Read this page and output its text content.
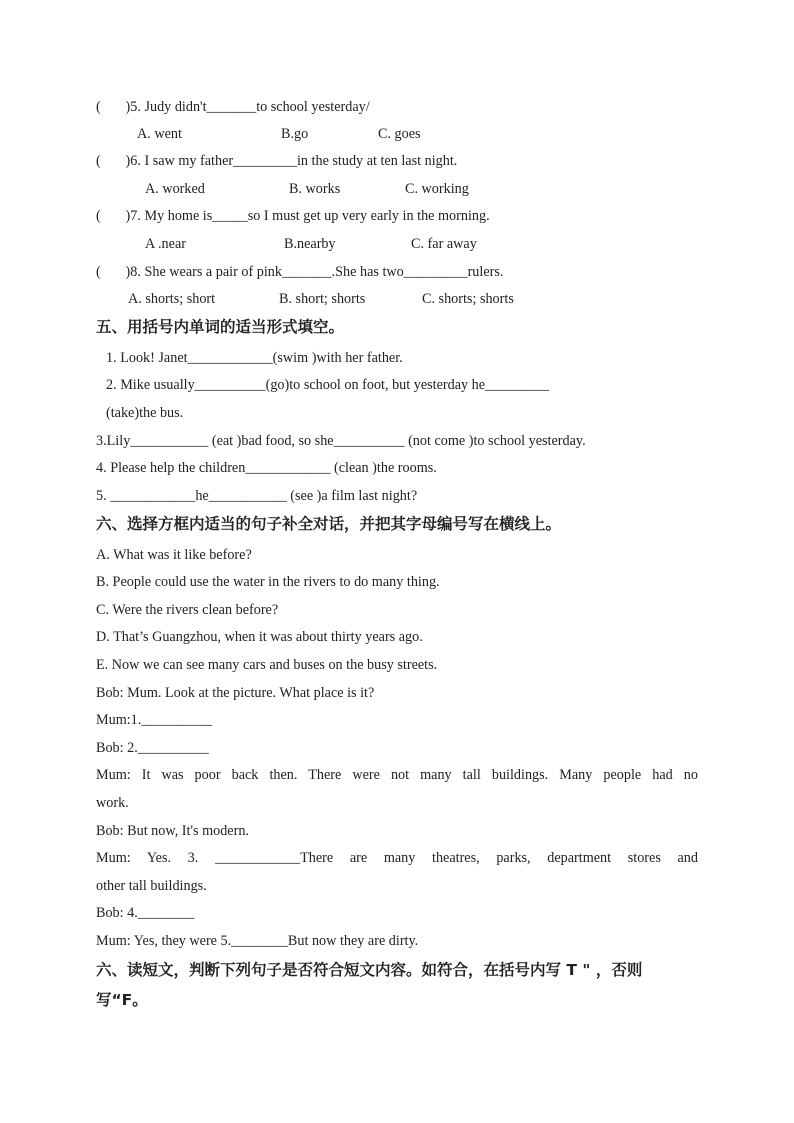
(       )5. Judy didn't_______to school yesterday/
A. went	B.go	C. goes
(       )6. I saw my father_________in the study at ten last night.
A. worked	B. works	C. working
(       )7. My home is_____so I must get up very early in the morning.
A .near	B.nearby	C. far away
(       )8. She wears a pair of pink_______.She has two_________rulers.
A. shorts; short	B. short; shorts	C. shorts; shorts
五、用括号内单词的适当形式填空。
1. Look! Janet____________(swim )with her father.
2. Mike usually__________(go)to school on foot, but yesterday he_________
(take)the bus.
3.Lily___________ (eat )bad food, so she__________ (not come )to school yesterday.
4. Please help the children____________ (clean )the rooms.
5. ____________he___________ (see )a film last night?
六、选择方框内适当的句子补全对话，并把其字母编号写在横线上。
A. What was it like before?
B. People could use the water in the rivers to do many thing.
C. Were the rivers clean before?
D. That’s Guangzhou, when it was about thirty years ago.
E. Now we can see many cars and buses on the busy streets.
Bob: Mum. Look at the picture. What place is it?
Mum:1.__________
Bob: 2.__________
Mum: It was poor back then. There were not many tall buildings. Many people had no
work.
Bob: But now, It's modern.
Mum: Yes. 3. ____________There are many theatres, parks, department stores and
other tall buildings.
Bob: 4.________
Mum: Yes, they were 5.________But now they are dirty.
六、读短文，判断下列句子是否符合短文内容。如符合，在括号内写 T " ，否则
写“F。
